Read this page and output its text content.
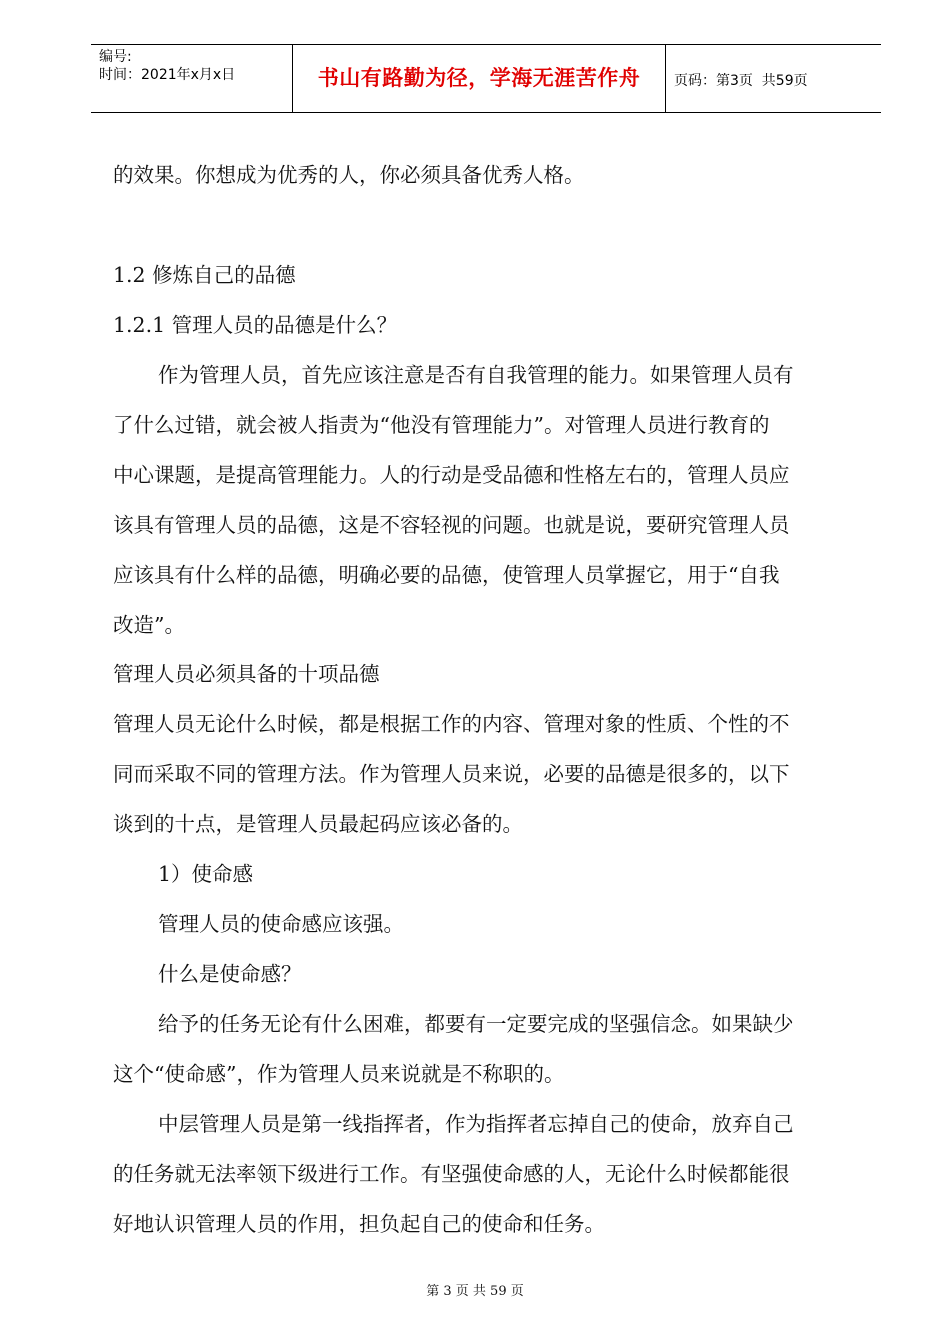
编号:
时间：2021年x月x日	书山有路勤为径，学海无涯苦作舟	页码：第3页  共59页
的效果。你想成为优秀的人，你必须具备优秀人格。
1.2 修炼自己的品德
1.2.1 管理人员的品德是什么？
作为管理人员，首先应该注意是否有自我管理的能力。如果管理人员有
了什么过错，就会被人指责为“他没有管理能力”。对管理人员进行教育的
中心课题，是提高管理能力。人的行动是受品德和性格左右的，管理人员应
该具有管理人员的品德，这是不容轻视的问题。也就是说，要研究管理人员
应该具有什么样的品德，明确必要的品德，使管理人员掌握它，用于“自我
改造”。
管理人员必须具备的十项品德
管理人员无论什么时候，都是根据工作的内容、管理对象的性质、个性的不
同而采取不同的管理方法。作为管理人员来说，必要的品德是很多的，以下
谈到的十点，是管理人员最起码应该必备的。
1）使命感
管理人员的使命感应该强。
什么是使命感？
给予的任务无论有什么困难，都要有一定要完成的坚强信念。如果缺少
这个“使命感”，作为管理人员来说就是不称职的。
中层管理人员是第一线指挥者，作为指挥者忘掉自己的使命，放弃自己
的任务就无法率领下级进行工作。有坚强使命感的人，无论什么时候都能很
好地认识管理人员的作用，担负起自己的使命和任务。
第 3 页 共 59 页
